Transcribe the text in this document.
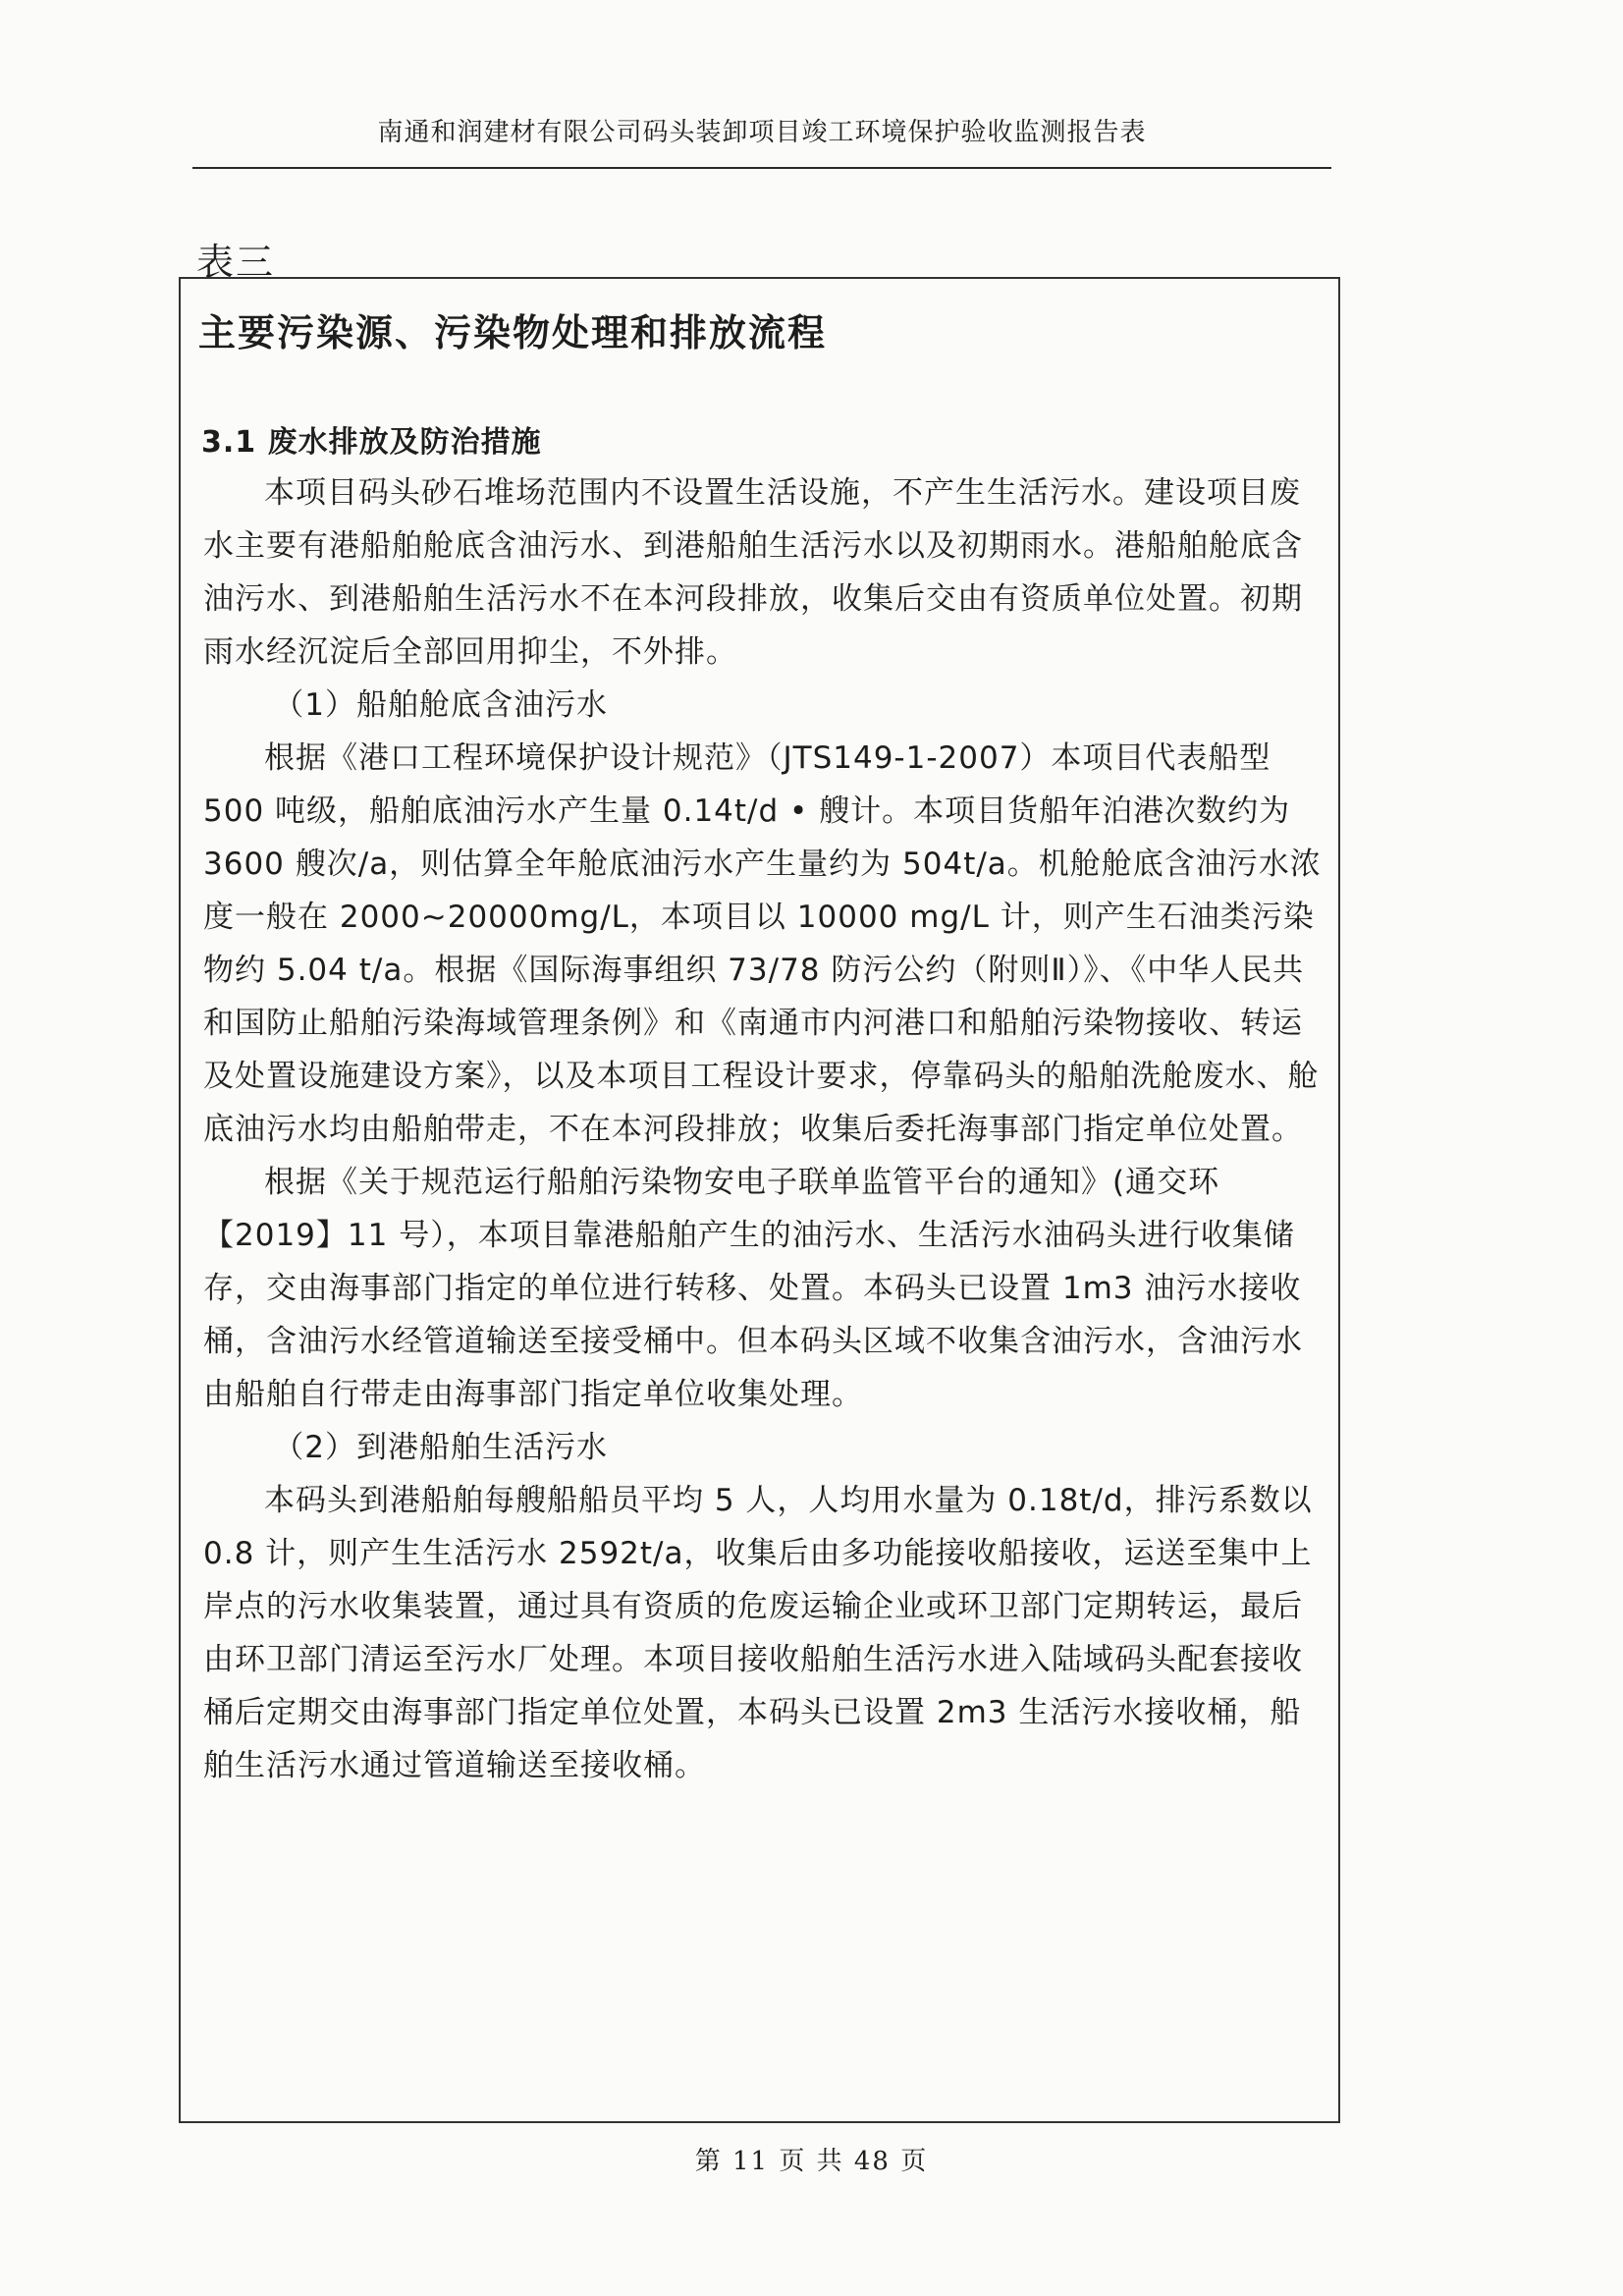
南通和润建材有限公司码头装卸项目竣工环境保护验收监测报告表
表三
主要污染源、污染物处理和排放流程
3.1 废水排放及防治措施

本项目码头砂石堆场范围内不设置生活设施，不产生生活污水。建设项目废水主要有港船舶舱底含油污水、到港船舶生活污水以及初期雨水。港船舶舱底含油污水、到港船舶生活污水不在本河段排放，收集后交由有资质单位处置。初期雨水经沉淀后全部回用抑尘，不外排。

（1）船舶舱底含油污水

根据《港口工程环境保护设计规范》（JTS149-1-2007）本项目代表船型 500 吨级，船舶底油污水产生量 0.14t/d • 艘计。本项目货船年泊港次数约为 3600 艘次/a，则估算全年舱底油污水产生量约为 504t/a。机舱舱底含油污水浓度一般在 2000~20000mg/L，本项目以 10000 mg/L 计，则产生石油类污染物约 5.04 t/a。根据《国际海事组织 73/78 防污公约（附则Ⅱ）》、《中华人民共和国防止船舶污染海域管理条例》和《南通市内河港口和船舶污染物接收、转运及处置设施建设方案》，以及本项目工程设计要求，停靠码头的船舶洗舱废水、舱底油污水均由船舶带走，不在本河段排放；收集后委托海事部门指定单位处置。

根据《关于规范运行船舶污染物安电子联单监管平台的通知》(通交环【2019】11 号），本项目靠港船舶产生的油污水、生活污水油码头进行收集储存，交由海事部门指定的单位进行转移、处置。本码头已设置 1m3 油污水接收桶，含油污水经管道输送至接受桶中。但本码头区域不收集含油污水，含油污水由船舶自行带走由海事部门指定单位收集处理。

（2）到港船舶生活污水

本码头到港船舶每艘船船员平均 5 人，人均用水量为 0.18t/d，排污系数以 0.8 计，则产生生活污水 2592t/a，收集后由多功能接收船接收，运送至集中上岸点的污水收集装置，通过具有资质的危废运输企业或环卫部门定期转运，最后由环卫部门清运至污水厂处理。本项目接收船舶生活污水进入陆域码头配套接收桶后定期交由海事部门指定单位处置，本码头已设置 2m3 生活污水接收桶，船舶生活污水通过管道输送至接收桶。

第 11 页 共 48 页
